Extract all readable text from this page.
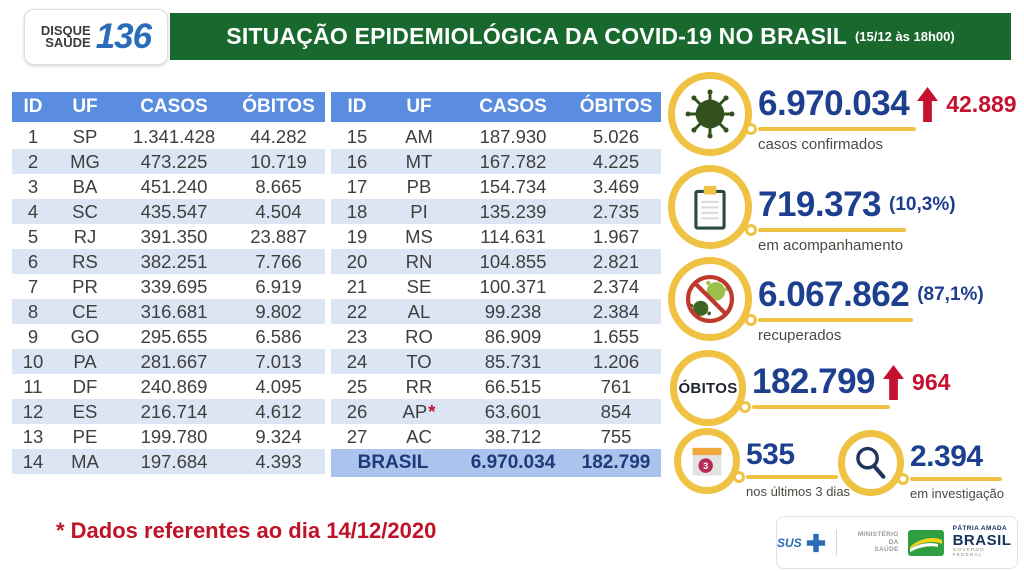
DISQUE
SAÚDE 136	SITUAÇÃO EPIDEMIOLÓGICA DA COVID-19 NO BRASIL (15/12 às 18h00)
ID	UF	CASOS	ÓBITOS
1	SP	1.341.428	44.282
2	MG	473.225	10.719
3	BA	451.240	8.665
4	SC	435.547	4.504
5	RJ	391.350	23.887
6	RS	382.251	7.766
7	PR	339.695	6.919
8	CE	316.681	9.802
9	GO	295.655	6.586
10	PA	281.667	7.013
11	DF	240.869	4.095
12	ES	216.714	4.612
13	PE	199.780	9.324
14	MA	197.684	4.393
ID	UF	CASOS	ÓBITOS
15	AM	187.930	5.026
16	MT	167.782	4.225
17	PB	154.734	3.469
18	PI	135.239	2.735
19	MS	114.631	1.967
20	RN	104.855	2.821
21	SE	100.371	2.374
22	AL	99.238	2.384
23	RO	86.909	1.655
24	TO	85.731	1.206
25	RR	66.515	761
26	AP*	63.601	854
27	AC	38.712	755
BRASIL	6.970.034	182.799
6.970.034 42.889
casos confirmados
719.373 (10,3%)
em acompanhamento
6.067.862 (87,1%)
recuperados
ÓBITOS 182.799 964
3 535
nos últimos 3 dias
2.394
em investigação
* Dados referentes ao dia 14/12/2020	SUS
MINISTÉRIO DA
SAÚDE
PÁTRIA AMADA
BRASIL
GOVERNO FEDERAL
